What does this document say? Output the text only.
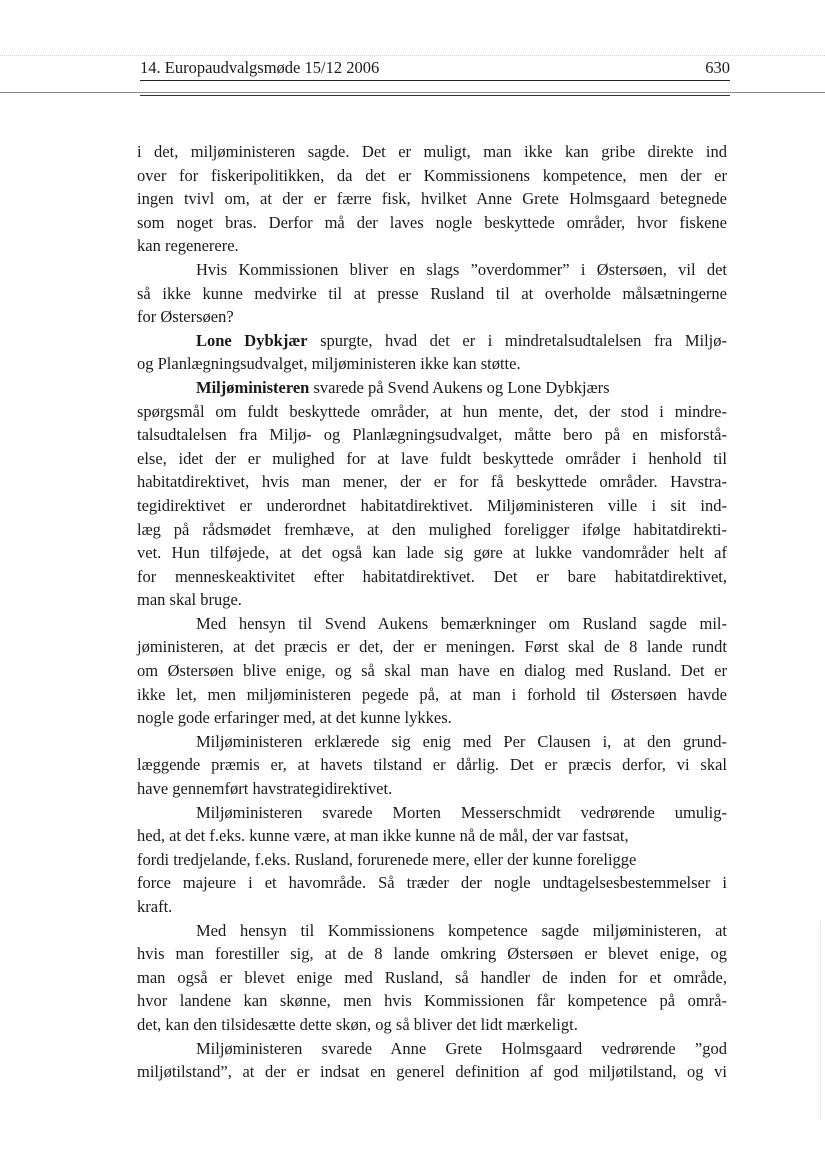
14. Europaudvalgsmøde 15/12 2006	630
i det, miljøministeren sagde. Det er muligt, man ikke kan gribe direkte ind
over for fiskeripolitikken, da det er Kommissionens kompetence, men der er
ingen tvivl om, at der er færre fisk, hvilket Anne Grete Holmsgaard betegnede
som noget bras. Derfor må der laves nogle beskyttede områder, hvor fiskene
kan regenerere.
Hvis Kommissionen bliver en slags ”overdommer” i Østersøen, vil det
så ikke kunne medvirke til at presse Rusland til at overholde målsætningerne
for Østersøen?
Lone Dybkjær spurgte, hvad det er i mindretalsudtalelsen fra Miljø-
og Planlægningsudvalget, miljøministeren ikke kan støtte.
Miljøministeren svarede på Svend Aukens og Lone Dybkjærs
spørgsmål om fuldt beskyttede områder, at hun mente, det, der stod i mindre-
talsudtalelsen fra Miljø- og Planlægningsudvalget, måtte bero på en misforstå-
else, idet der er mulighed for at lave fuldt beskyttede områder i henhold til
habitatdirektivet, hvis man mener, der er for få beskyttede områder. Havstra-
tegidirektivet er underordnet habitatdirektivet. Miljøministeren ville i sit ind-
læg på rådsmødet fremhæve, at den mulighed foreligger ifølge habitatdirekti-
vet. Hun tilføjede, at det også kan lade sig gøre at lukke vandområder helt af
for menneskeaktivitet efter habitatdirektivet. Det er bare habitatdirektivet,
man skal bruge.
Med hensyn til Svend Aukens bemærkninger om Rusland sagde mil-
jøministeren, at det præcis er det, der er meningen. Først skal de 8 lande rundt
om Østersøen blive enige, og så skal man have en dialog med Rusland. Det er
ikke let, men miljøministeren pegede på, at man i forhold til Østersøen havde
nogle gode erfaringer med, at det kunne lykkes.
Miljøministeren erklærede sig enig med Per Clausen i, at den grund-
læggende præmis er, at havets tilstand er dårlig. Det er præcis derfor, vi skal
have gennemført havstrategidirektivet.
Miljøministeren svarede Morten Messerschmidt vedrørende umulig-
hed, at det f.eks. kunne være, at man ikke kunne nå de mål, der var fastsat,
fordi tredjelande, f.eks. Rusland, forurenede mere, eller der kunne foreligge
force majeure i et havområde. Så træder der nogle undtagelsesbestemmelser i
kraft.
Med hensyn til Kommissionens kompetence sagde miljøministeren, at
hvis man forestiller sig, at de 8 lande omkring Østersøen er blevet enige, og
man også er blevet enige med Rusland, så handler de inden for et område,
hvor landene kan skønne, men hvis Kommissionen får kompetence på områ-
det, kan den tilsidesætte dette skøn, og så bliver det lidt mærkeligt.
Miljøministeren svarede Anne Grete Holmsgaard vedrørende ”god
miljøtilstand”, at der er indsat en generel definition af god miljøtilstand, og vi
